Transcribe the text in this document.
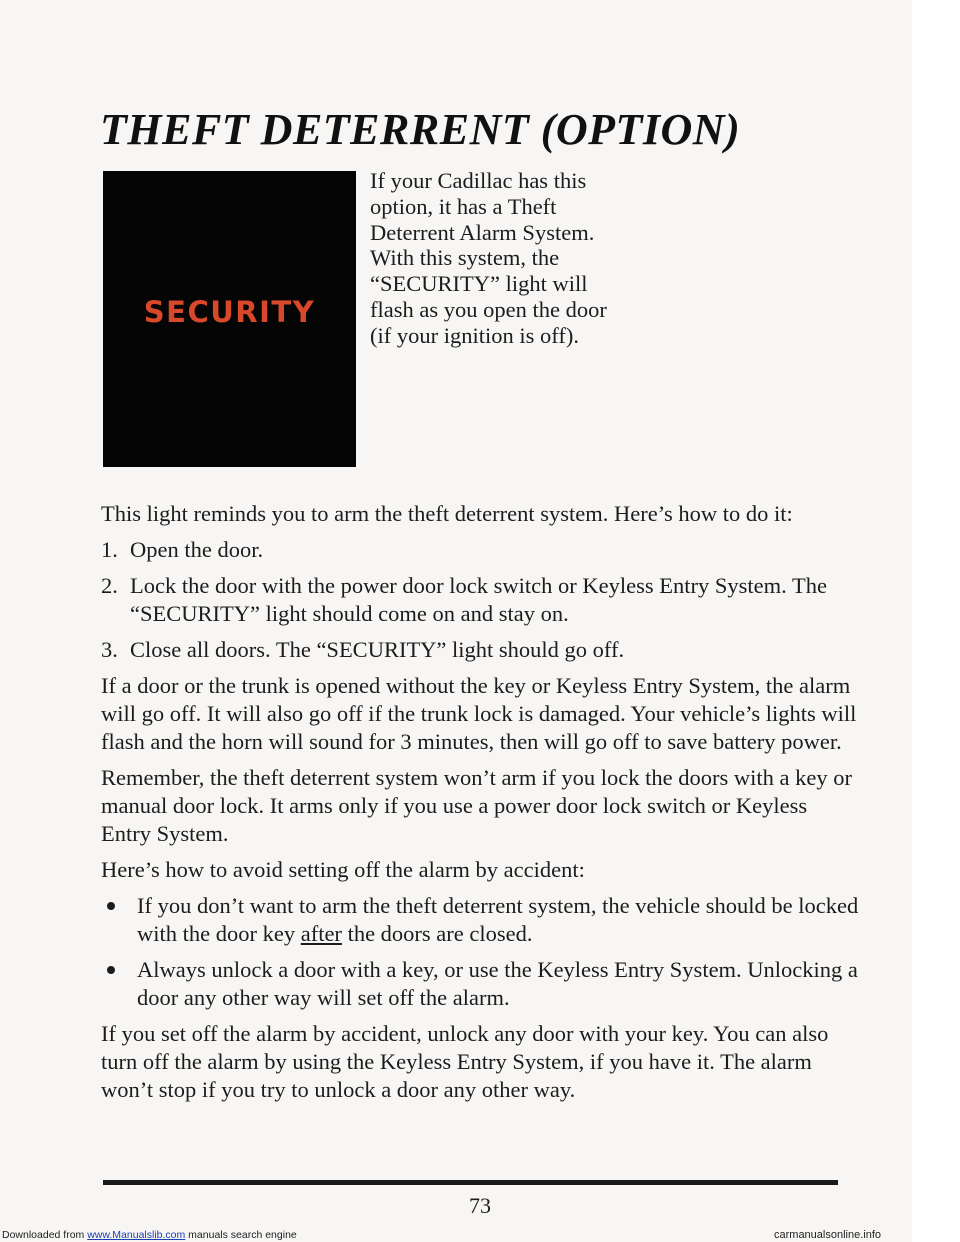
THEFT DETERRENT (OPTION)
SECURITY
If your Cadillac has this option, it has a Theft Deterrent Alarm System. With this system, the “SECURITY” light will flash as you open the door (if your ignition is off).

This light reminds you to arm the theft deterrent system. Here’s how to do it:

1. Open the door.
2. Lock the door with the power door lock switch or Keyless Entry System. The “SECURITY” light should come on and stay on.
3. Close all doors. The “SECURITY” light should go off.

If a door or the trunk is opened without the key or Keyless Entry System, the alarm will go off. It will also go off if the trunk lock is damaged. Your vehicle’s lights will flash and the horn will sound for 3 minutes, then will go off to save battery power.

Remember, the theft deterrent system won’t arm if you lock the doors with a key or manual door lock. It arms only if you use a power door lock switch or Keyless Entry System.

Here’s how to avoid setting off the alarm by accident:

If you don’t want to arm the theft deterrent system, the vehicle should be locked with the door key after the doors are closed.
Always unlock a door with a key, or use the Keyless Entry System. Unlocking a door any other way will set off the alarm.

If you set off the alarm by accident, unlock any door with your key. You can also turn off the alarm by using the Keyless Entry System, if you have it. The alarm won’t stop if you try to unlock a door any other way.

73
Downloaded from www.Manualslib.com manuals search engine	carmanualsonline.info
